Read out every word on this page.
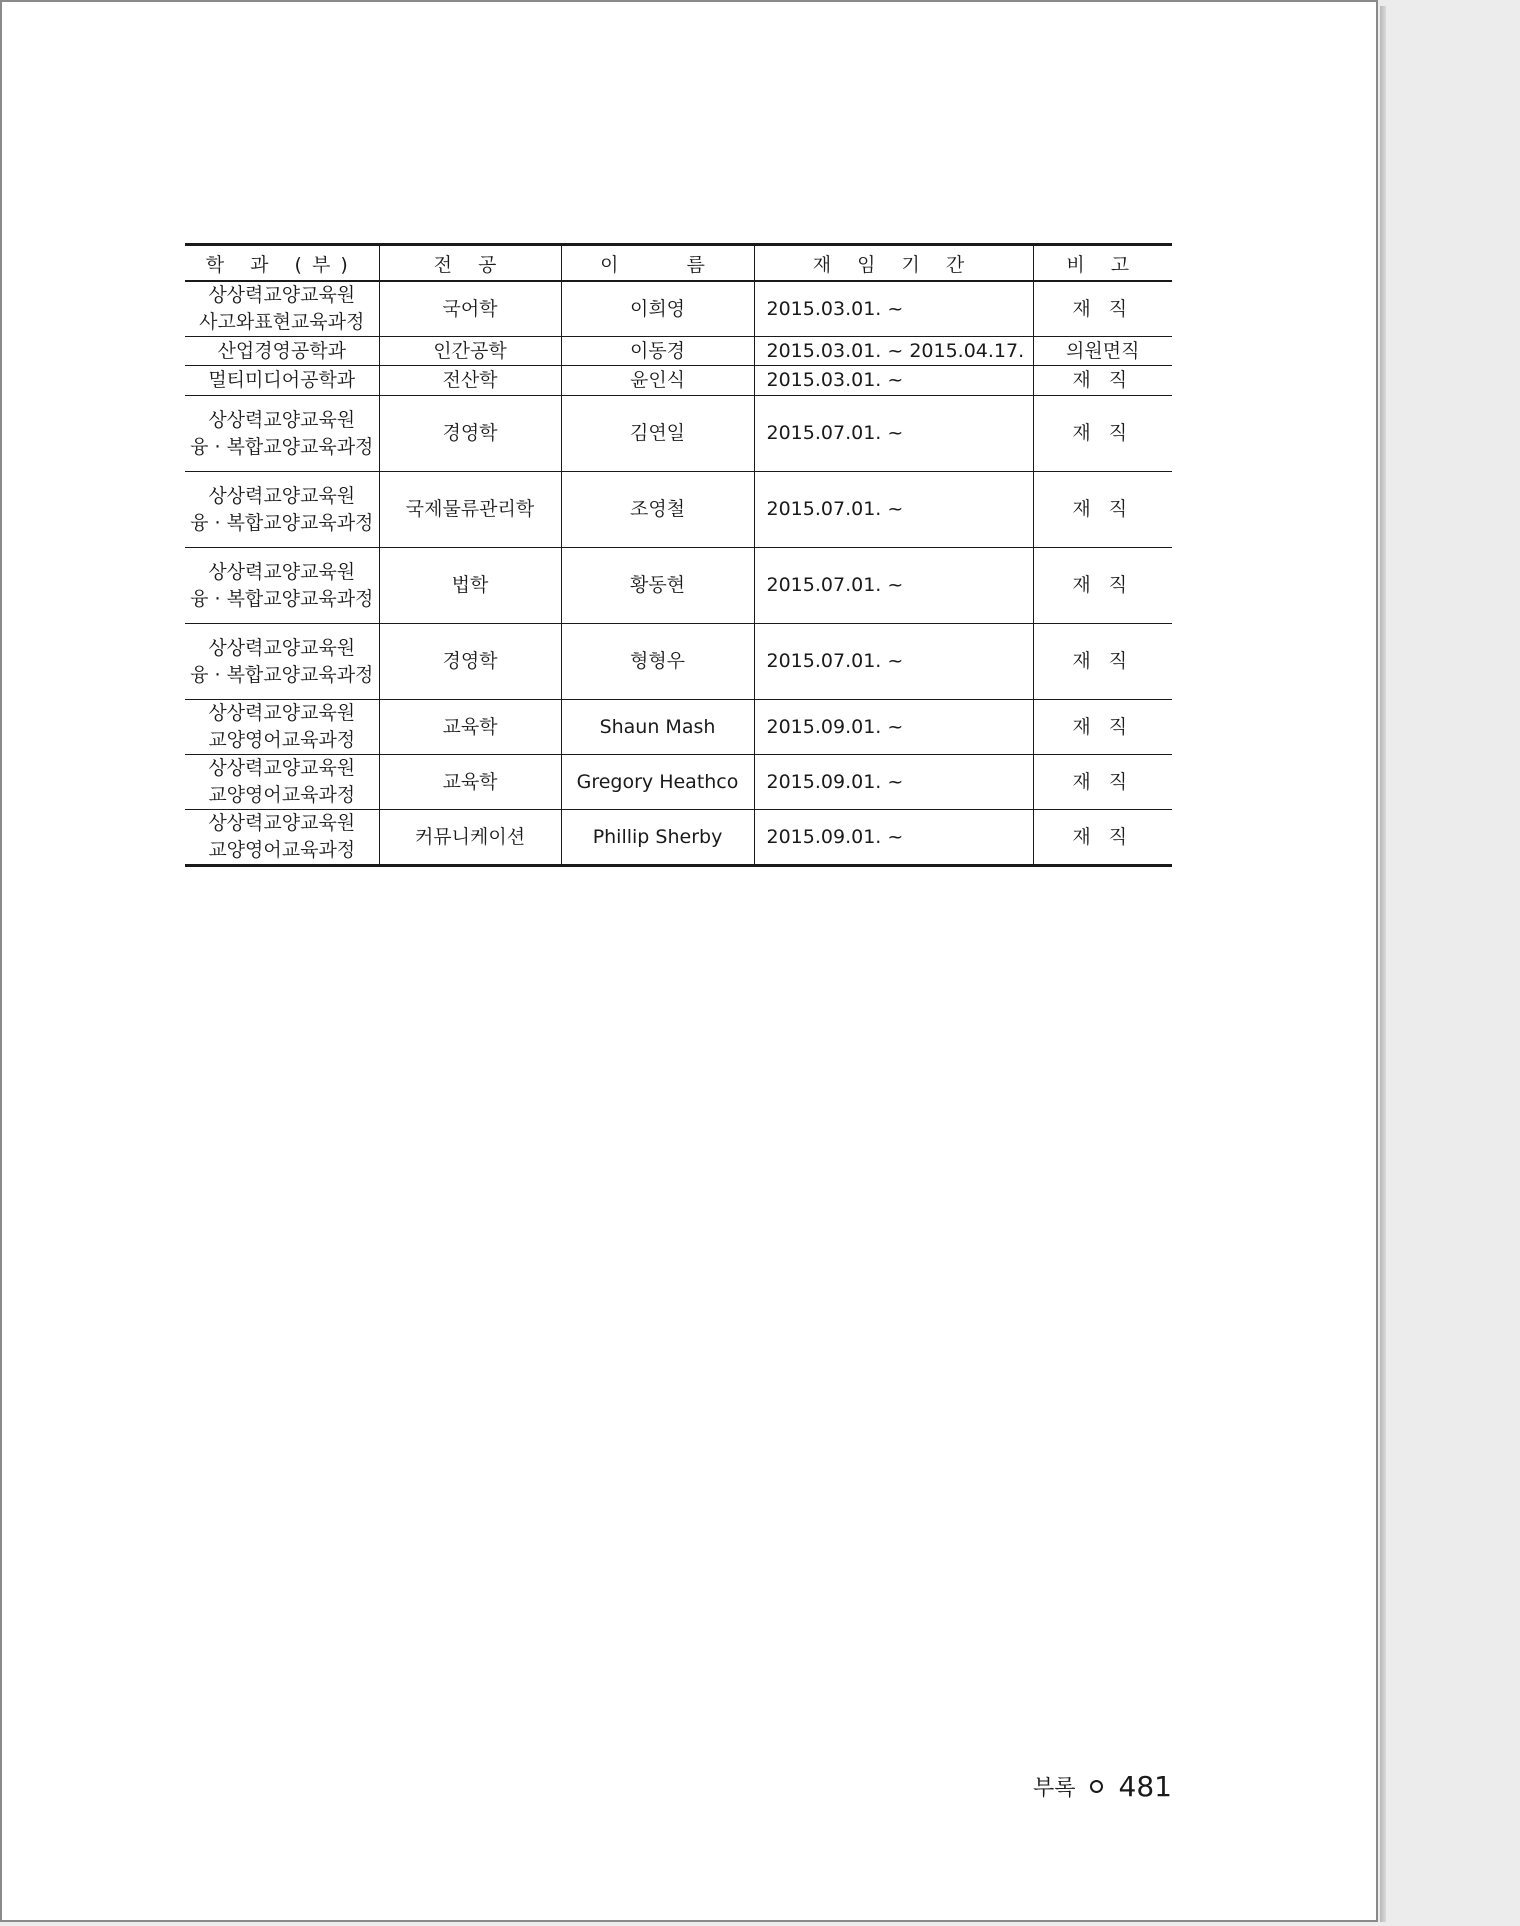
학 과 (부)	전 공	이　　름	재 임 기 간	비 고

상상력교양교육원
사고와표현교육과정	국어학	이희영	2015.03.01. ~	재 직

산업경영공학과	인간공학	이동경	2015.03.01. ~ 2015.04.17.	의원면직

멀티미디어공학과	전산학	윤인식	2015.03.01. ~	재 직

상상력교양교육원
융 · 복합교양교육과정	경영학	김연일	2015.07.01. ~	재 직

상상력교양교육원
융 · 복합교양교육과정	국제물류관리학	조영철	2015.07.01. ~	재 직

상상력교양교육원
융 · 복합교양교육과정	법학	황동현	2015.07.01. ~	재 직

상상력교양교육원
융 · 복합교양교육과정	경영학	형형우	2015.07.01. ~	재 직

상상력교양교육원
교양영어교육과정	교육학	Shaun Mash	2015.09.01. ~	재 직

상상력교양교육원
교양영어교육과정	교육학	Gregory Heathco	2015.09.01. ~	재 직

상상력교양교육원
교양영어교육과정	커뮤니케이션	Phillip Sherby	2015.09.01. ~	재 직
부록 481
